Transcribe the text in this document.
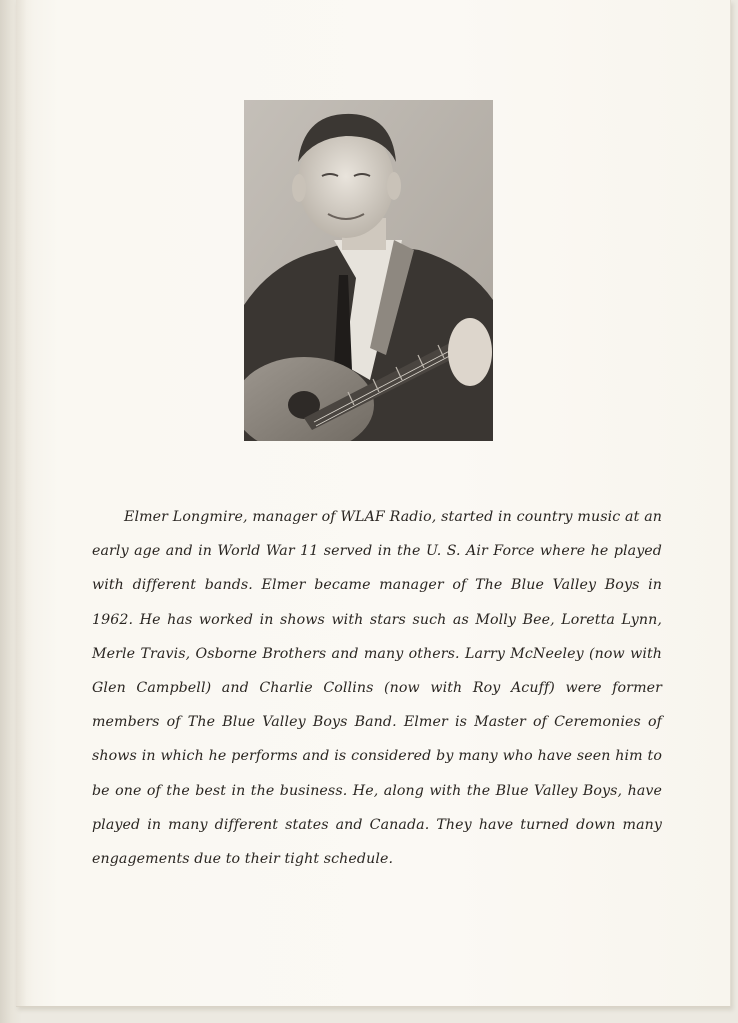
Elmer Longmire, manager of WLAF Radio, started in country music at an early age and in World War 11 served in the U. S. Air Force where he played with different bands. Elmer became manager of The Blue Valley Boys in 1962. He has worked in shows with stars such as Molly Bee, Loretta Lynn, Merle Travis, Osborne Brothers and many others. Larry McNeeley (now with Glen Campbell) and Charlie Collins (now with Roy Acuff) were former members of The Blue Valley Boys Band. Elmer is Master of Ceremonies of shows in which he performs and is considered by many who have seen him to be one of the best in the business. He, along with the Blue Valley Boys, have played in many different states and Canada. They have turned down many engagements due to their tight schedule.
